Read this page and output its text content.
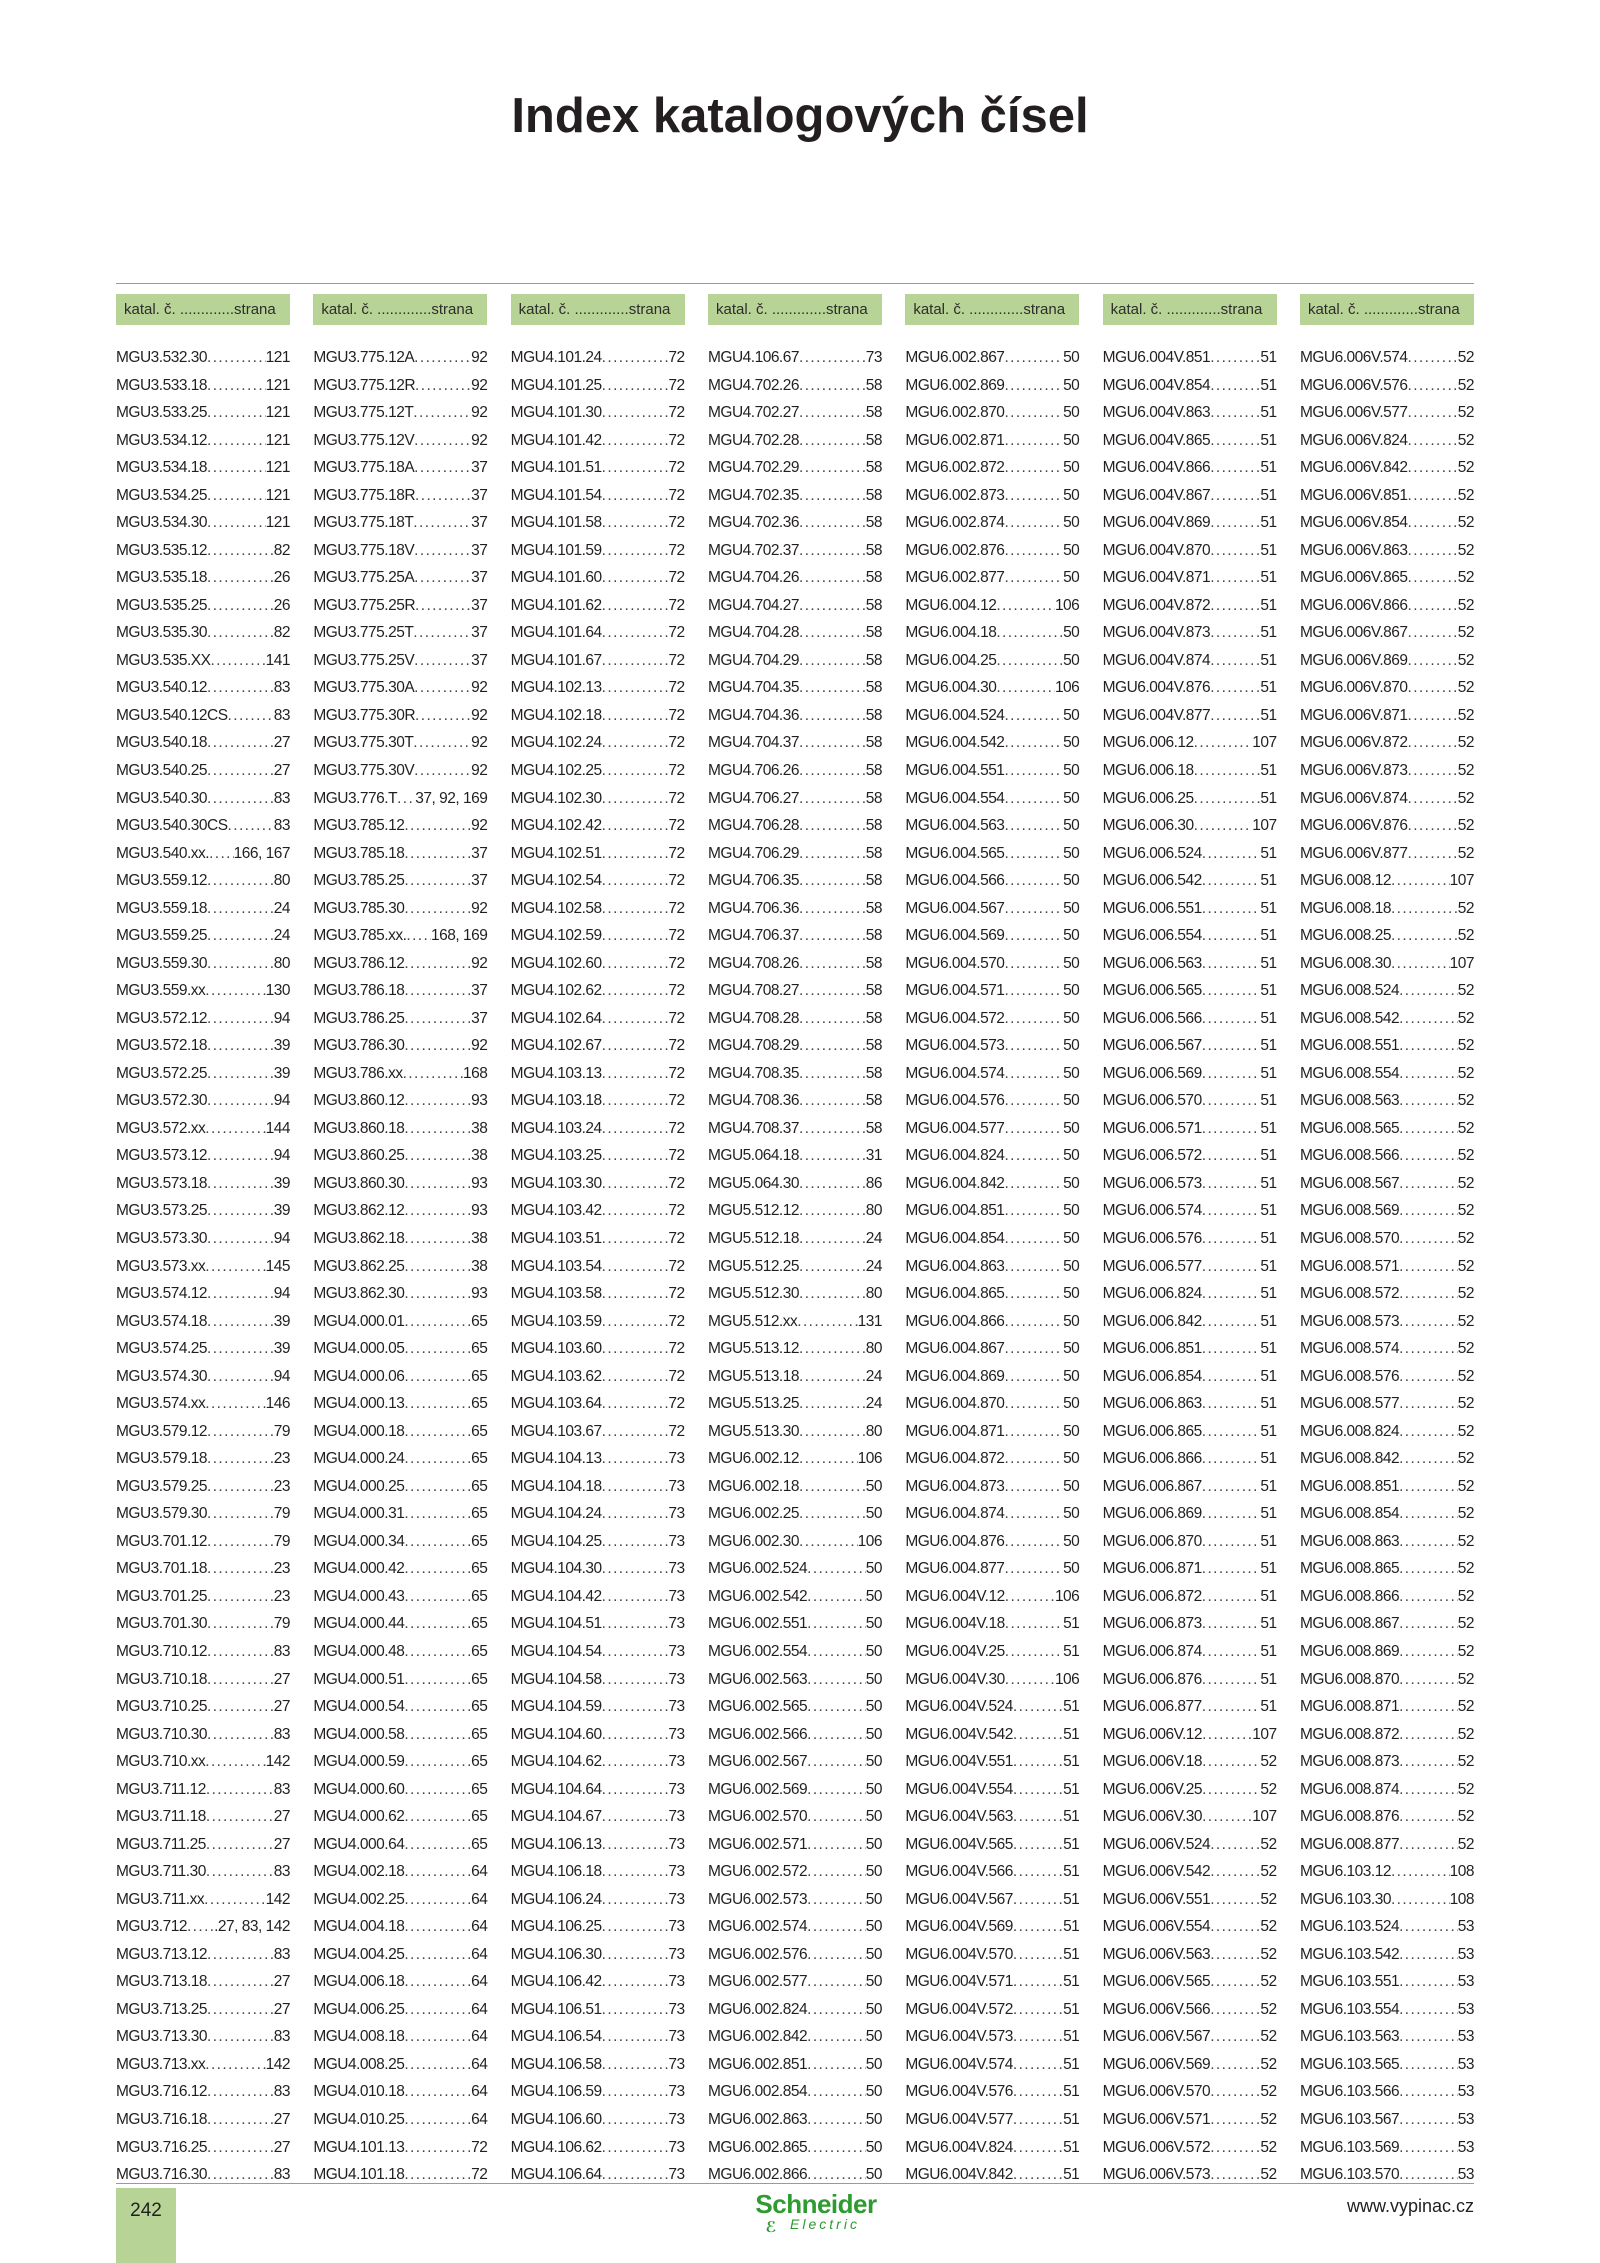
Index katalogových čísel
katal. č. .............strana
MGU3.532.30 .....	121
MGU3.533.18 .....	121
MGU3.533.25 .....	121
MGU3.534.12 .....	121
MGU3.534.18 .....	121
MGU3.534.25 .....	121
MGU3.534.30 .....	121
MGU3.535.12 .....	82
MGU3.535.18 .....	26
MGU3.535.25 .....	26
MGU3.535.30 .....	82
MGU3.535.XX .....	141
MGU3.540.12 .....	83
MGU3.540.12CS .....	83
MGU3.540.18 .....	27
MGU3.540.25 .....	27
MGU3.540.30 .....	83
MGU3.540.30CS .....	83
MGU3.540.xx. ..... 166, 167
MGU3.559.12 .....	80
MGU3.559.18 .....	24
MGU3.559.25 .....	24
MGU3.559.30 .....	80
MGU3.559.xx .....	130
MGU3.572.12 .....	94
MGU3.572.18 .....	39
MGU3.572.25 .....	39
MGU3.572.30 .....	94
MGU3.572.xx .....	144
MGU3.573.12 .....	94
MGU3.573.18 .....	39
MGU3.573.25 .....	39
MGU3.573.30 .....	94
MGU3.573.xx .....	145
MGU3.574.12 .....	94
MGU3.574.18 .....	39
MGU3.574.25 .....	39
MGU3.574.30 .....	94
MGU3.574.xx .....	146
MGU3.579.12 .....	79
MGU3.579.18 .....	23
MGU3.579.25 .....	23
MGU3.579.30 .....	79
MGU3.701.12 .....	79
MGU3.701.18 .....	23
MGU3.701.25 .....	23
MGU3.701.30 .....	79
MGU3.710.12 .....	83
MGU3.710.18 .....	27
MGU3.710.25 .....	27
MGU3.710.30 .....	83
MGU3.710.xx .....	142
MGU3.711.12 .....	83
MGU3.711.18 .....	27
MGU3.711.25 .....	27
MGU3.711.30 .....	83
MGU3.711.xx .....	142
MGU3.712 ..... .27, 83, 142
MGU3.713.12 .....	83
MGU3.713.18 .....	27
MGU3.713.25 .....	27
MGU3.713.30 .....	83
MGU3.713.xx .....	142
MGU3.716.12 .....	83
MGU3.716.18 .....	27
MGU3.716.25 .....	27
MGU3.716.30 .....	83
katal. č. .............strana
MGU3.775.12A .....	92
MGU3.775.12R .....	92
MGU3.775.12T .....	92
MGU3.775.12V .....	92
MGU3.775.18A .....	37
MGU3.775.18R .....	37
MGU3.775.18T .....	37
MGU3.775.18V .....	37
MGU3.775.25A .....	37
MGU3.775.25R .....	37
MGU3.775.25T .....	37
MGU3.775.25V .....	37
MGU3.775.30A .....	92
MGU3.775.30R .....	92
MGU3.775.30T .....	92
MGU3.775.30V .....	92
MGU3.776.T ..... 37, 92, 169
MGU3.785.12 .....	92
MGU3.785.18 .....	37
MGU3.785.25 .....	37
MGU3.785.30 .....	92
MGU3.785.xx. ..... 168, 169
MGU3.786.12 .....	92
MGU3.786.18 .....	37
MGU3.786.25 .....	37
MGU3.786.30 .....	92
MGU3.786.xx .....	168
MGU3.860.12 .....	93
MGU3.860.18 .....	38
MGU3.860.25 .....	38
MGU3.860.30 .....	93
MGU3.862.12 .....	93
MGU3.862.18 .....	38
MGU3.862.25 .....	38
MGU3.862.30 .....	93
MGU4.000.01 .....	65
MGU4.000.05 .....	65
MGU4.000.06 .....	65
MGU4.000.13 .....	65
MGU4.000.18 .....	65
MGU4.000.24 .....	65
MGU4.000.25 .....	65
MGU4.000.31 .....	65
MGU4.000.34 .....	65
MGU4.000.42 .....	65
MGU4.000.43 .....	65
MGU4.000.44 .....	65
MGU4.000.48 .....	65
MGU4.000.51 .....	65
MGU4.000.54 .....	65
MGU4.000.58 .....	65
MGU4.000.59 .....	65
MGU4.000.60 .....	65
MGU4.000.62 .....	65
MGU4.000.64 .....	65
MGU4.002.18 .....	64
MGU4.002.25 .....	64
MGU4.004.18 .....	64
MGU4.004.25 .....	64
MGU4.006.18 .....	64
MGU4.006.25 .....	64
MGU4.008.18 .....	64
MGU4.008.25 .....	64
MGU4.010.18 .....	64
MGU4.010.25 .....	64
MGU4.101.13 .....	72
MGU4.101.18 .....	72
katal. č. .............strana
MGU4.101.24 .....	72
MGU4.101.25 .....	72
MGU4.101.30 .....	72
MGU4.101.42 .....	72
MGU4.101.51 .....	72
MGU4.101.54 .....	72
MGU4.101.58 .....	72
MGU4.101.59 .....	72
MGU4.101.60 .....	72
MGU4.101.62 .....	72
MGU4.101.64 .....	72
MGU4.101.67 .....	72
MGU4.102.13 .....	72
MGU4.102.18 .....	72
MGU4.102.24 .....	72
MGU4.102.25 .....	72
MGU4.102.30 .....	72
MGU4.102.42 .....	72
MGU4.102.51 .....	72
MGU4.102.54 .....	72
MGU4.102.58 .....	72
MGU4.102.59 .....	72
MGU4.102.60 .....	72
MGU4.102.62 .....	72
MGU4.102.64 .....	72
MGU4.102.67 .....	72
MGU4.103.13 .....	72
MGU4.103.18 .....	72
MGU4.103.24 .....	72
MGU4.103.25 .....	72
MGU4.103.30 .....	72
MGU4.103.42 .....	72
MGU4.103.51 .....	72
MGU4.103.54 .....	72
MGU4.103.58 .....	72
MGU4.103.59 .....	72
MGU4.103.60 .....	72
MGU4.103.62 .....	72
MGU4.103.64 .....	72
MGU4.103.67 .....	72
MGU4.104.13 .....	73
MGU4.104.18 .....	73
MGU4.104.24 .....	73
MGU4.104.25 .....	73
MGU4.104.30 .....	73
MGU4.104.42 .....	73
MGU4.104.51 .....	73
MGU4.104.54 .....	73
MGU4.104.58 .....	73
MGU4.104.59 .....	73
MGU4.104.60 .....	73
MGU4.104.62 .....	73
MGU4.104.64 .....	73
MGU4.104.67 .....	73
MGU4.106.13 .....	73
MGU4.106.18 .....	73
MGU4.106.24 .....	73
MGU4.106.25 .....	73
MGU4.106.30 .....	73
MGU4.106.42 .....	73
MGU4.106.51 .....	73
MGU4.106.54 .....	73
MGU4.106.58 .....	73
MGU4.106.59 .....	73
MGU4.106.60 .....	73
MGU4.106.62 .....	73
MGU4.106.64 .....	73
katal. č. .............strana
MGU4.106.67 .....	73
MGU4.702.26 .....	58
MGU4.702.27 .....	58
MGU4.702.28 .....	58
MGU4.702.29 .....	58
MGU4.702.35 .....	58
MGU4.702.36 .....	58
MGU4.702.37 .....	58
MGU4.704.26 .....	58
MGU4.704.27 .....	58
MGU4.704.28 .....	58
MGU4.704.29 .....	58
MGU4.704.35 .....	58
MGU4.704.36 .....	58
MGU4.704.37 .....	58
MGU4.706.26 .....	58
MGU4.706.27 .....	58
MGU4.706.28 .....	58
MGU4.706.29 .....	58
MGU4.706.35 .....	58
MGU4.706.36 .....	58
MGU4.706.37 .....	58
MGU4.708.26 .....	58
MGU4.708.27 .....	58
MGU4.708.28 .....	58
MGU4.708.29 .....	58
MGU4.708.35 .....	58
MGU4.708.36 .....	58
MGU4.708.37 .....	58
MGU5.064.18 .....	31
MGU5.064.30 .....	86
MGU5.512.12 .....	80
MGU5.512.18 .....	24
MGU5.512.25 .....	24
MGU5.512.30 .....	80
MGU5.512.xx .....	131
MGU5.513.12 .....	80
MGU5.513.18 .....	24
MGU5.513.25 .....	24
MGU5.513.30 .....	80
MGU6.002.12 .....	106
MGU6.002.18 .....	50
MGU6.002.25 .....	50
MGU6.002.30 .....	106
MGU6.002.524 .....	50
MGU6.002.542 .....	50
MGU6.002.551 .....	50
MGU6.002.554 .....	50
MGU6.002.563 .....	50
MGU6.002.565 .....	50
MGU6.002.566 .....	50
MGU6.002.567 .....	50
MGU6.002.569 .....	50
MGU6.002.570 .....	50
MGU6.002.571 .....	50
MGU6.002.572 .....	50
MGU6.002.573 .....	50
MGU6.002.574 .....	50
MGU6.002.576 .....	50
MGU6.002.577 .....	50
MGU6.002.824 .....	50
MGU6.002.842 .....	50
MGU6.002.851 .....	50
MGU6.002.854 .....	50
MGU6.002.863 .....	50
MGU6.002.865 .....	50
MGU6.002.866 .....	50
katal. č. .............strana
MGU6.002.867 .....	50
MGU6.002.869 .....	50
MGU6.002.870 .....	50
MGU6.002.871 .....	50
MGU6.002.872 .....	50
MGU6.002.873 .....	50
MGU6.002.874 .....	50
MGU6.002.876 .....	50
MGU6.002.877 .....	50
MGU6.004.12 .....	106
MGU6.004.18 .....	50
MGU6.004.25 .....	50
MGU6.004.30 .....	106
MGU6.004.524 .....	50
MGU6.004.542 .....	50
MGU6.004.551 .....	50
MGU6.004.554 .....	50
MGU6.004.563 .....	50
MGU6.004.565 .....	50
MGU6.004.566 .....	50
MGU6.004.567 .....	50
MGU6.004.569 .....	50
MGU6.004.570 .....	50
MGU6.004.571 .....	50
MGU6.004.572 .....	50
MGU6.004.573 .....	50
MGU6.004.574 .....	50
MGU6.004.576 .....	50
MGU6.004.577 .....	50
MGU6.004.824 .....	50
MGU6.004.842 .....	50
MGU6.004.851 .....	50
MGU6.004.854 .....	50
MGU6.004.863 .....	50
MGU6.004.865 .....	50
MGU6.004.866 .....	50
MGU6.004.867 .....	50
MGU6.004.869 .....	50
MGU6.004.870 .....	50
MGU6.004.871 .....	50
MGU6.004.872 .....	50
MGU6.004.873 .....	50
MGU6.004.874 .....	50
MGU6.004.876 .....	50
MGU6.004.877 .....	50
MGU6.004V.12 .....	106
MGU6.004V.18 .....	51
MGU6.004V.25 .....	51
MGU6.004V.30 .....	106
MGU6.004V.524 .....	51
MGU6.004V.542 .....	51
MGU6.004V.551 .....	51
MGU6.004V.554 .....	51
MGU6.004V.563 .....	51
MGU6.004V.565 .....	51
MGU6.004V.566 .....	51
MGU6.004V.567 .....	51
MGU6.004V.569 .....	51
MGU6.004V.570 .....	51
MGU6.004V.571 .....	51
MGU6.004V.572 .....	51
MGU6.004V.573 .....	51
MGU6.004V.574 .....	51
MGU6.004V.576 .....	51
MGU6.004V.577 .....	51
MGU6.004V.824 .....	51
MGU6.004V.842 .....	51
katal. č. .............strana
MGU6.004V.851 .....	51
MGU6.004V.854 .....	51
MGU6.004V.863 .....	51
MGU6.004V.865 .....	51
MGU6.004V.866 .....	51
MGU6.004V.867 .....	51
MGU6.004V.869 .....	51
MGU6.004V.870 .....	51
MGU6.004V.871 .....	51
MGU6.004V.872 .....	51
MGU6.004V.873 .....	51
MGU6.004V.874 .....	51
MGU6.004V.876 .....	51
MGU6.004V.877 .....	51
MGU6.006.12 .....	107
MGU6.006.18 .....	51
MGU6.006.25 .....	51
MGU6.006.30 .....	107
MGU6.006.524 .....	51
MGU6.006.542 .....	51
MGU6.006.551 .....	51
MGU6.006.554 .....	51
MGU6.006.563 .....	51
MGU6.006.565 .....	51
MGU6.006.566 .....	51
MGU6.006.567 .....	51
MGU6.006.569 .....	51
MGU6.006.570 .....	51
MGU6.006.571 .....	51
MGU6.006.572 .....	51
MGU6.006.573 .....	51
MGU6.006.574 .....	51
MGU6.006.576 .....	51
MGU6.006.577 .....	51
MGU6.006.824 .....	51
MGU6.006.842 .....	51
MGU6.006.851 .....	51
MGU6.006.854 .....	51
MGU6.006.863 .....	51
MGU6.006.865 .....	51
MGU6.006.866 .....	51
MGU6.006.867 .....	51
MGU6.006.869 .....	51
MGU6.006.870 .....	51
MGU6.006.871 .....	51
MGU6.006.872 .....	51
MGU6.006.873 .....	51
MGU6.006.874 .....	51
MGU6.006.876 .....	51
MGU6.006.877 .....	51
MGU6.006V.12 .....	107
MGU6.006V.18 .....	52
MGU6.006V.25 .....	52
MGU6.006V.30 .....	107
MGU6.006V.524 .....	52
MGU6.006V.542 .....	52
MGU6.006V.551 .....	52
MGU6.006V.554 .....	52
MGU6.006V.563 .....	52
MGU6.006V.565 .....	52
MGU6.006V.566 .....	52
MGU6.006V.567 .....	52
MGU6.006V.569 .....	52
MGU6.006V.570 .....	52
MGU6.006V.571 .....	52
MGU6.006V.572 .....	52
MGU6.006V.573 .....	52
katal. č. .............strana
MGU6.006V.574 .....	52
MGU6.006V.576 .....	52
MGU6.006V.577 .....	52
MGU6.006V.824 .....	52
MGU6.006V.842 .....	52
MGU6.006V.851 .....	52
MGU6.006V.854 .....	52
MGU6.006V.863 .....	52
MGU6.006V.865 .....	52
MGU6.006V.866 .....	52
MGU6.006V.867 .....	52
MGU6.006V.869 .....	52
MGU6.006V.870 .....	52
MGU6.006V.871 .....	52
MGU6.006V.872 .....	52
MGU6.006V.873 .....	52
MGU6.006V.874 .....	52
MGU6.006V.876 .....	52
MGU6.006V.877 .....	52
MGU6.008.12 .....	107
MGU6.008.18 .....	52
MGU6.008.25 .....	52
MGU6.008.30 .....	107
MGU6.008.524 .....	52
MGU6.008.542 .....	52
MGU6.008.551 .....	52
MGU6.008.554 .....	52
MGU6.008.563 .....	52
MGU6.008.565 .....	52
MGU6.008.566 .....	52
MGU6.008.567 .....	52
MGU6.008.569 .....	52
MGU6.008.570 .....	52
MGU6.008.571 .....	52
MGU6.008.572 .....	52
MGU6.008.573 .....	52
MGU6.008.574 .....	52
MGU6.008.576 .....	52
MGU6.008.577 .....	52
MGU6.008.824 .....	52
MGU6.008.842 .....	52
MGU6.008.851 .....	52
MGU6.008.854 .....	52
MGU6.008.863 .....	52
MGU6.008.865 .....	52
MGU6.008.866 .....	52
MGU6.008.867 .....	52
MGU6.008.869 .....	52
MGU6.008.870 .....	52
MGU6.008.871 .....	52
MGU6.008.872 .....	52
MGU6.008.873 .....	52
MGU6.008.874 .....	52
MGU6.008.876 .....	52
MGU6.008.877 .....	52
MGU6.103.12 .....	108
MGU6.103.30 .....	108
MGU6.103.524 .....	53
MGU6.103.542 .....	53
MGU6.103.551 .....	53
MGU6.103.554 .....	53
MGU6.103.563 .....	53
MGU6.103.565 .....	53
MGU6.103.566 .....	53
MGU6.103.567 .....	53
MGU6.103.569 .....	53
MGU6.103.570 .....	53
242	Schneider
ℰ Electric
www.vypinac.cz
